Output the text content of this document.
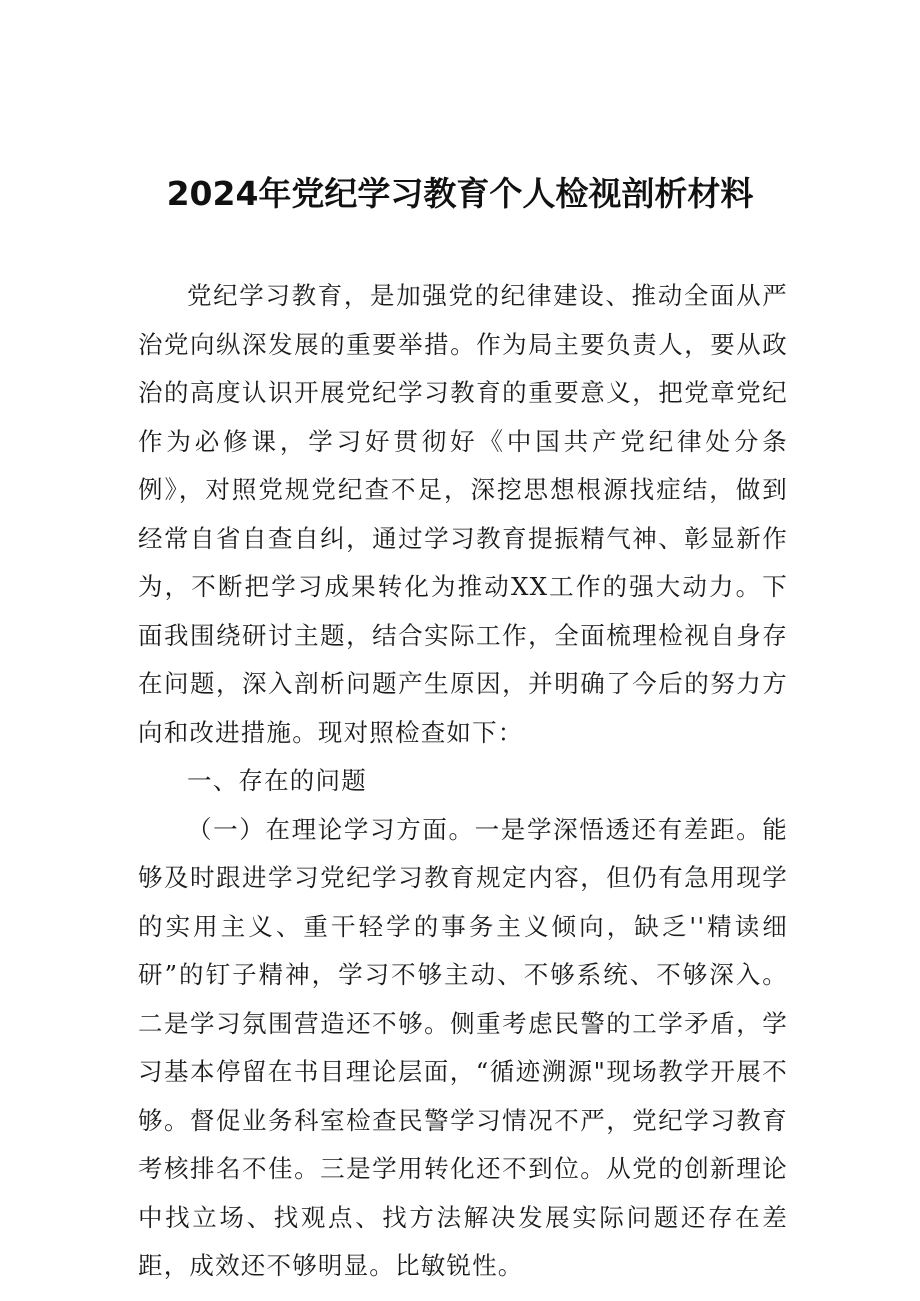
2024年党纪学习教育个人检视剖析材料

党纪学习教育，是加强党的纪律建设、推动全面从严治党向纵深发展的重要举措。作为局主要负责人，要从政治的高度认识开展党纪学习教育的重要意义，把党章党纪作为必修课，学习好贯彻好《中国共产党纪律处分条例》，对照党规党纪查不足，深挖思想根源找症结，做到经常自省自查自纠，通过学习教育提振精气神、彰显新作为，不断把学习成果转化为推动XX工作的强大动力。下面我围绕研讨主题，结合实际工作，全面梳理检视自身存在问题，深入剖析问题产生原因，并明确了今后的努力方向和改进措施。现对照检查如下：

一、存在的问题

（一）在理论学习方面。一是学深悟透还有差距。能够及时跟进学习党纪学习教育规定内容，但仍有急用现学的实用主义、重干轻学的事务主义倾向，缺乏''精读细研”的钉子精神，学习不够主动、不够系统、不够深入。二是学习氛围营造还不够。侧重考虑民警的工学矛盾，学习基本停留在书目理论层面，“循迹溯源"现场教学开展不够。督促业务科室检查民警学习情况不严，党纪学习教育考核排名不佳。三是学用转化还不到位。从党的创新理论中找立场、找观点、找方法解决发展实际问题还存在差距，成效还不够明显。比敏锐性。
